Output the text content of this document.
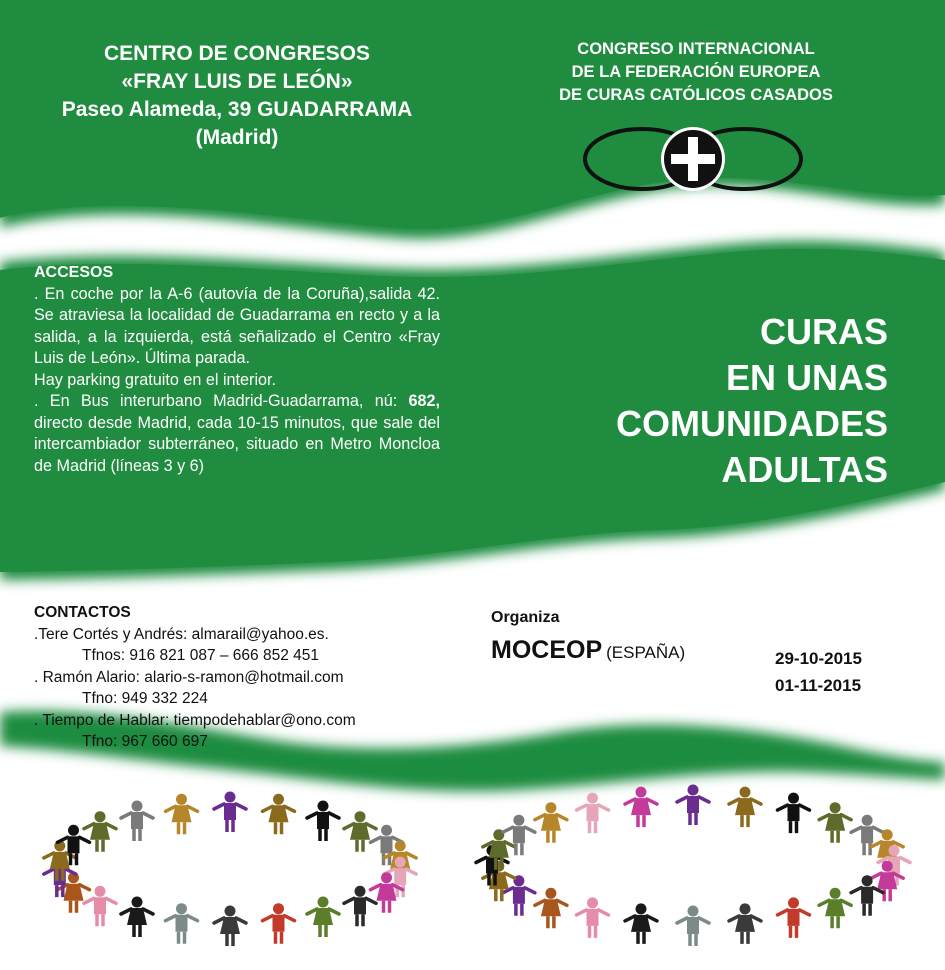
CENTRO DE CONGRESOS
«FRAY LUIS DE LEÓN»
Paseo Alameda, 39 GUADARRAMA
(Madrid)
CONGRESO INTERNACIONAL
DE LA FEDERACIÓN EUROPEA
DE CURAS CATÓLICOS CASADOS
CURAS
EN UNAS
COMUNIDADES
ADULTAS
ACCESOS

. En coche por la A-6 (autovía de la Coruña),salida 42. Se atraviesa la localidad de Guadarrama en recto y a la salida, a la izquierda, está señalizado el Centro «Fray Luis de León». Última parada.

Hay parking gratuito en el interior.

. En Bus interurbano Madrid-Guadarrama, nú: 682, directo desde Madrid, cada 10-15 minutos, que sale del intercambiador subterráneo, situado en Metro Moncloa de Madrid (líneas 3 y 6)

CONTACTOS
.Tere Cortés y Andrés: almarail@yahoo.es.
Tfnos: 916 821 087 – 666 852 451
. Ramón Alario: alario-s-ramon@hotmail.com
Tfno: 949 332 224
. Tiempo de Hablar: tiempodehablar@ono.com
Tfno: 967 660 697
Organiza
MOCEOP (ESPAÑA)	29-10-2015
01-11-2015
